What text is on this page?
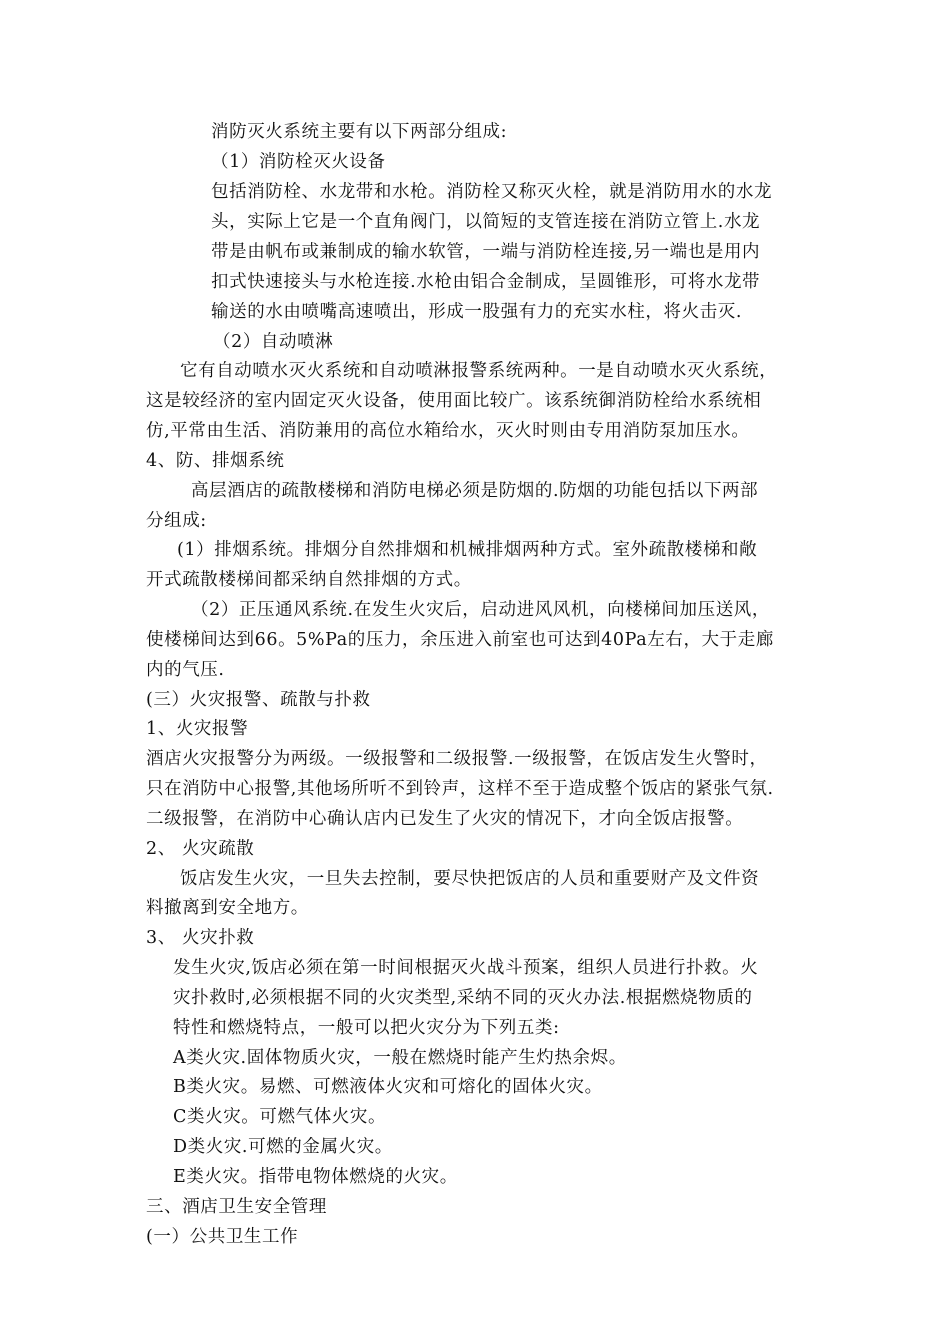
消防灭火系统主要有以下两部分组成:
（1）消防栓灭火设备
包括消防栓、水龙带和水枪。消防栓又称灭火栓，就是消防用水的水龙
头，实际上它是一个直角阀门，以简短的支管连接在消防立管上.水龙
带是由帆布或兼制成的输水软管，一端与消防栓连接,另一端也是用内
扣式快速接头与水枪连接.水枪由铝合金制成，呈圆锥形，可将水龙带
输送的水由喷嘴高速喷出，形成一股强有力的充实水柱，将火击灭.
（2）自动喷淋
它有自动喷水灭火系统和自动喷淋报警系统两种。一是自动喷水灭火系统，
这是较经济的室内固定灭火设备，使用面比较广。该系统御消防栓给水系统相
仿,平常由生活、消防兼用的高位水箱给水，灭火时则由专用消防泵加压水。
4、防、排烟系统
高层酒店的疏散楼梯和消防电梯必须是防烟的.防烟的功能包括以下两部
分组成:
(1）排烟系统。排烟分自然排烟和机械排烟两种方式。室外疏散楼梯和敞
开式疏散楼梯间都采纳自然排烟的方式。
（2）正压通风系统.在发生火灾后，启动进风风机，向楼梯间加压送风，
使楼梯间达到66。5%Pa的压力，余压进入前室也可达到40Pa左右，大于走廊
内的气压.
(三）火灾报警、疏散与扑救
1、火灾报警
酒店火灾报警分为两级。一级报警和二级报警.一级报警，在饭店发生火警时，
只在消防中心报警,其他场所听不到铃声，这样不至于造成整个饭店的紧张气氛.
二级报警，在消防中心确认店内已发生了火灾的情况下，才向全饭店报警。
2、 火灾疏散
饭店发生火灾，一旦失去控制，要尽快把饭店的人员和重要财产及文件资
料撤离到安全地方。
3、 火灾扑救
发生火灾,饭店必须在第一时间根据灭火战斗预案，组织人员进行扑救。火
灾扑救时,必须根据不同的火灾类型,采纳不同的灭火办法.根据燃烧物质的
特性和燃烧特点，一般可以把火灾分为下列五类:
A类火灾.固体物质火灾，一般在燃烧时能产生灼热余烬。
B类火灾。易燃、可燃液体火灾和可熔化的固体火灾。
C类火灾。可燃气体火灾。
D类火灾.可燃的金属火灾。
E类火灾。指带电物体燃烧的火灾。
三、酒店卫生安全管理
(一）公共卫生工作
